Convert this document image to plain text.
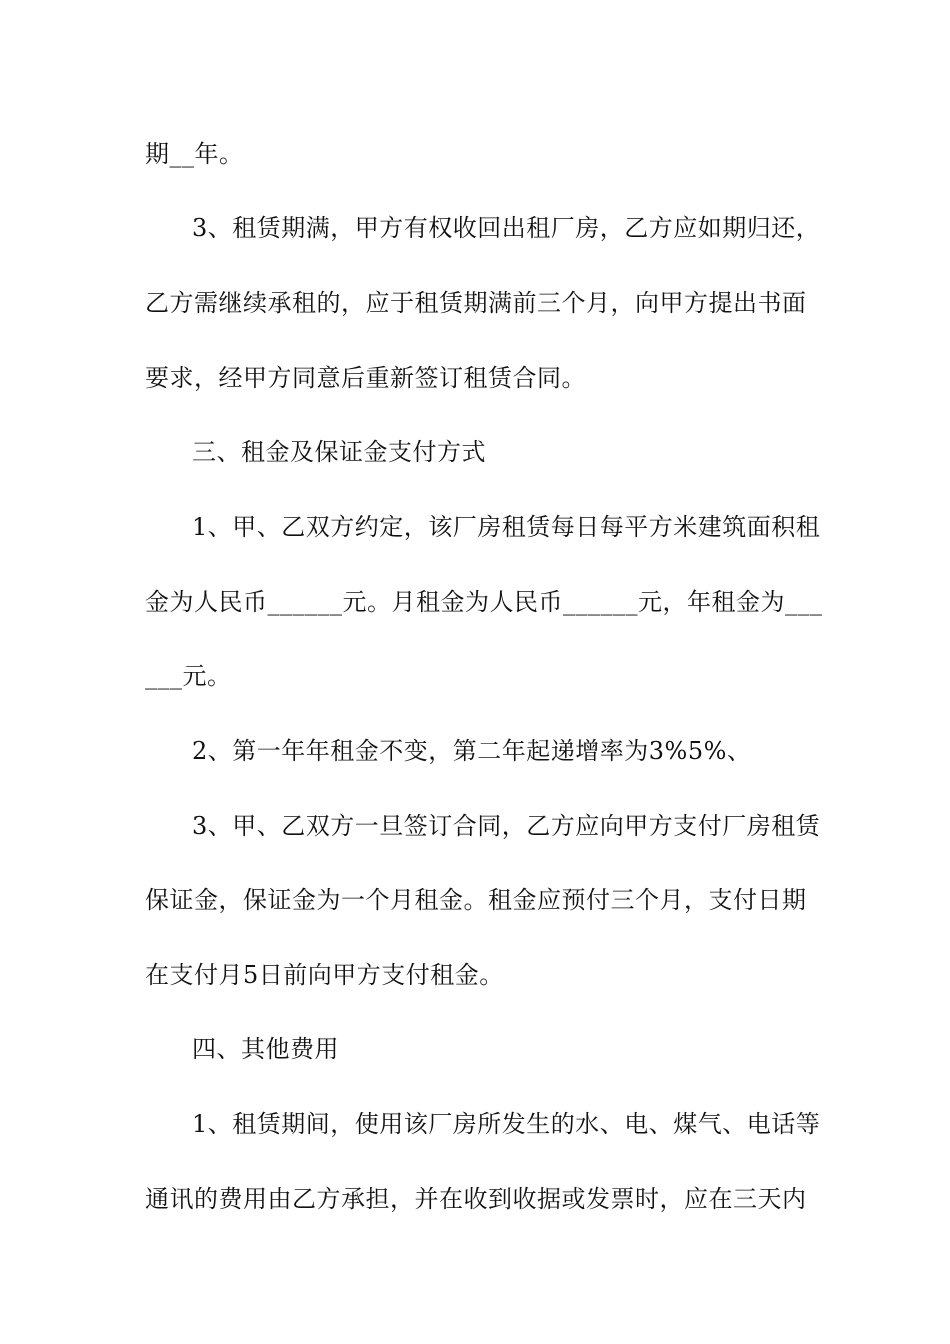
期__年。
3、租赁期满，甲方有权收回出租厂房，乙方应如期归还，
乙方需继续承租的，应于租赁期满前三个月，向甲方提出书面
要求，经甲方同意后重新签订租赁合同。
三、租金及保证金支付方式
1、甲、乙双方约定，该厂房租赁每日每平方米建筑面积租
金为人民币______元。月租金为人民币______元，年租金为___
___元。
2、第一年年租金不变，第二年起递增率为3%5%、
3、甲、乙双方一旦签订合同，乙方应向甲方支付厂房租赁
保证金，保证金为一个月租金。租金应预付三个月，支付日期
在支付月5日前向甲方支付租金。
四、其他费用
1、租赁期间，使用该厂房所发生的水、电、煤气、电话等
通讯的费用由乙方承担，并在收到收据或发票时，应在三天内
